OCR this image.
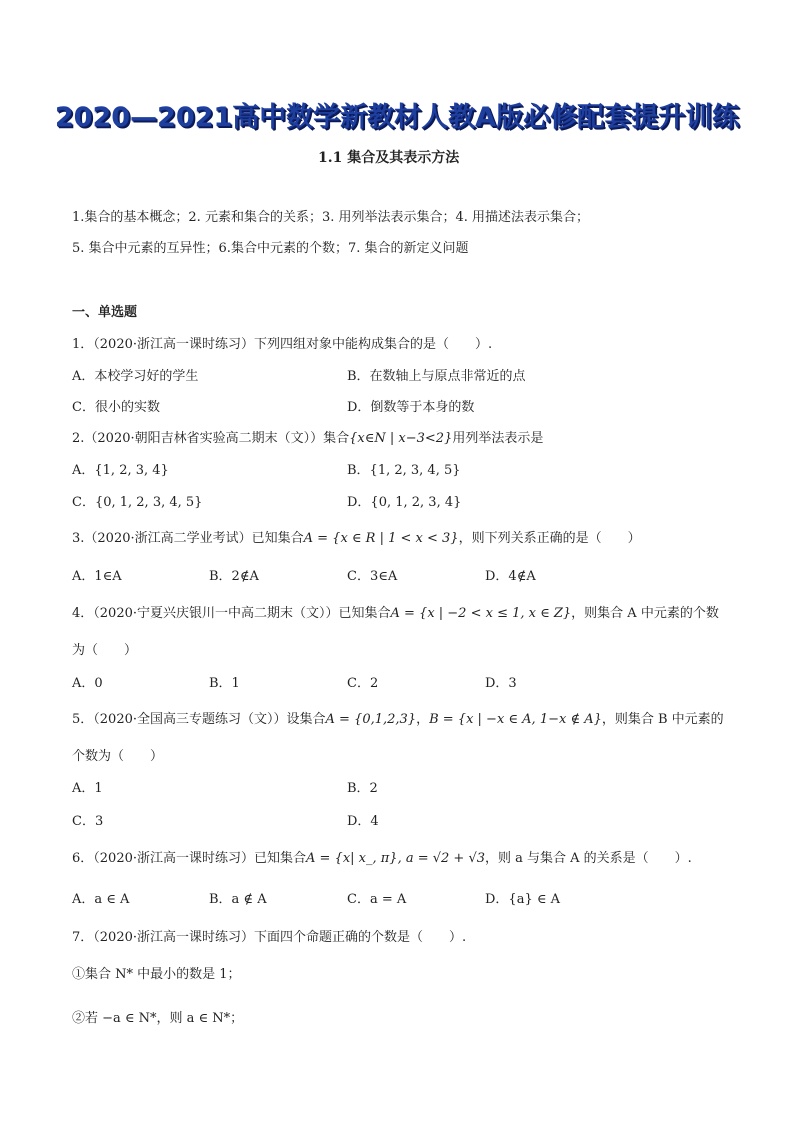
2020—2021高中数学新教材人教A版必修配套提升训练
1.1 集合及其表示方法
1.集合的基本概念；2. 元素和集合的关系；3. 用列举法表示集合；4. 用描述法表示集合；
5. 集合中元素的互异性；6.集合中元素的个数；7. 集合的新定义问题
一、单选题
1．（2020·浙江高一课时练习）下列四组对象中能构成集合的是（　　）.
A．本校学习好的学生	B．在数轴上与原点非常近的点
C．很小的实数	D．倒数等于本身的数
2.（2020·朝阳吉林省实验高二期末（文））集合{x∈N | x−3<2}用列举法表示是
A．{1, 2, 3, 4}	B．{1, 2, 3, 4, 5}
C．{0, 1, 2, 3, 4, 5}	D．{0, 1, 2, 3, 4}
3.（2020·浙江高二学业考试）已知集合A = {x ∈ R | 1 < x < 3}，则下列关系正确的是（　　）
A．1∈A	B．2∉A	C．3∈A	D．4∉A
4．（2020·宁夏兴庆银川一中高二期末（文））已知集合A = {x | −2 < x ≤ 1, x ∈ Z}，则集合 A 中元素的个数
为（　　）
A．0	B．1	C．2	D．3
5．（2020·全国高三专题练习（文））设集合A = {0,1,2,3}，B = {x | −x ∈ A, 1−x ∉ A}，则集合 B 中元素的
个数为（　　）
A．1	B．2
C．3	D．4
6．（2020·浙江高一课时练习）已知集合A = {x| x_, π}, a = √2 + √3，则 a 与集合 A 的关系是（　　）.
A．a ∈ A	B．a ∉ A	C．a = A	D．{a} ∈ A
7．（2020·浙江高一课时练习）下面四个命题正确的个数是（　　）.
①集合 N* 中最小的数是 1；
②若 −a ∈ N*，则 a ∈ N*；
